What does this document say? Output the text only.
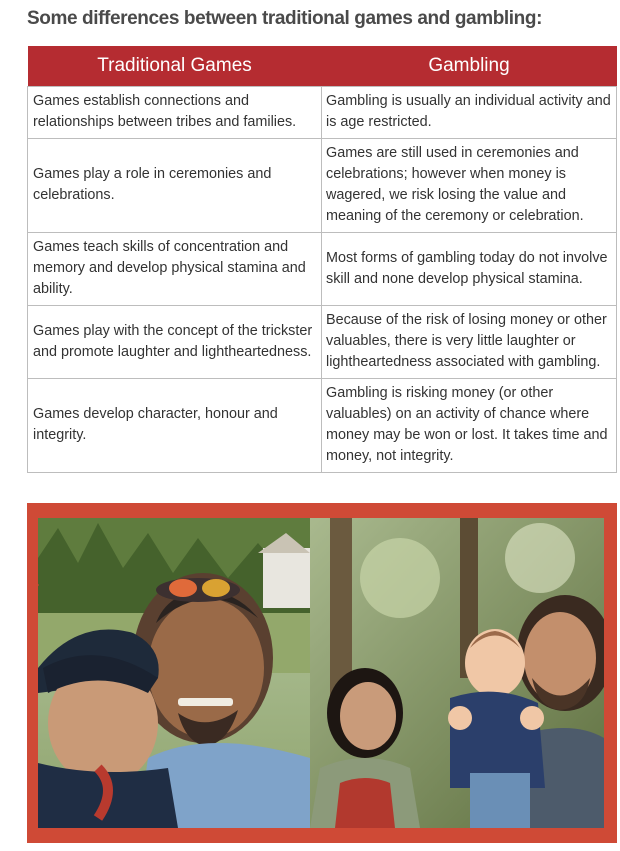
Some differences between traditional games and gambling:
Traditional Games	Gambling
Games establish connections and relationships between tribes and families.	Gambling is usually an individual activity and is age restricted.
Games play a role in ceremonies and celebrations.	Games are still used in ceremonies and celebrations; however when money is wagered, we risk losing the value and meaning of the ceremony or celebration.
Games teach skills of concentration and memory and develop physical stamina and ability.	Most forms of gambling today do not involve skill and none develop physical stamina.
Games play with the concept of the trickster and promote laughter and lightheartedness.	Because of the risk of losing money or other valuables, there is very little laughter or lightheartedness associated with gambling.
Games develop character, honour and integrity.	Gambling is risking money (or other valuables) on an activity of chance where money may be won or lost. It takes time and money, not integrity.
